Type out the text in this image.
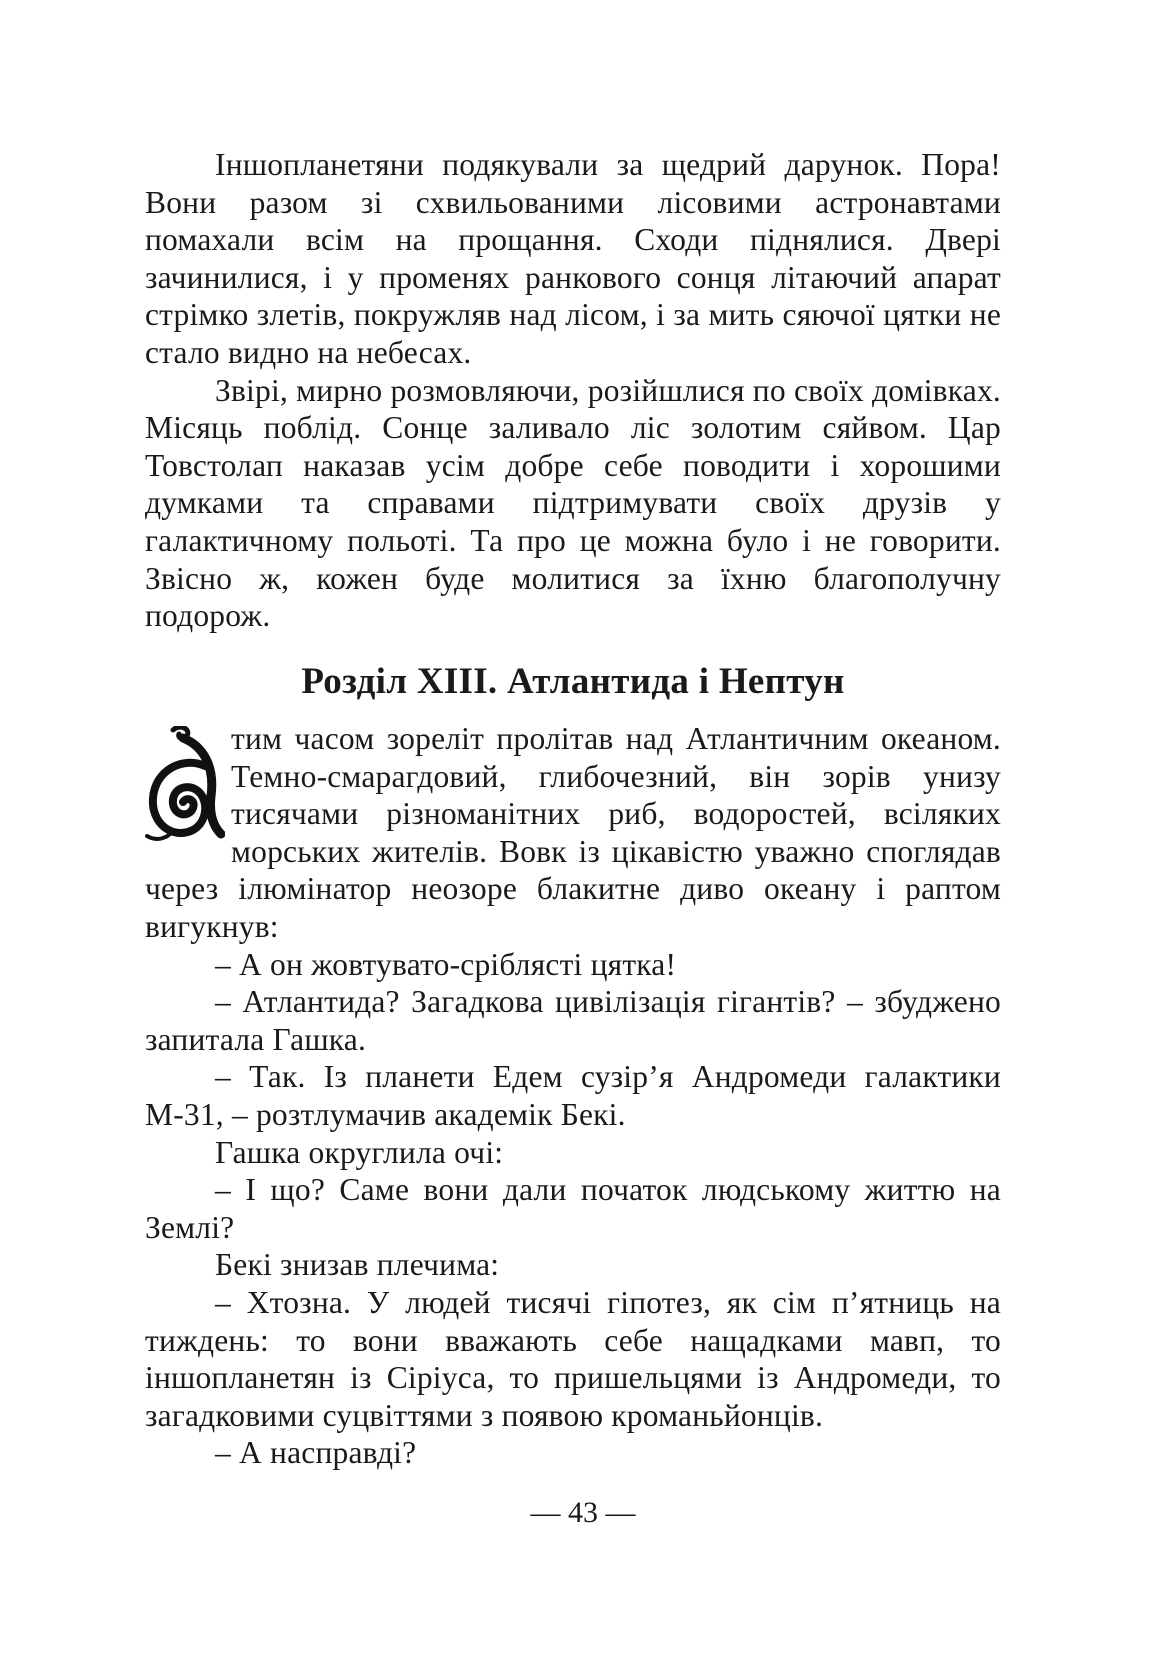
Іншопланетяни подякували за щедрий дарунок. Пора! Вони разом зі схвильованими лісовими астронавтами помахали всім на прощання. Сходи піднялися. Двері зачинилися, і у променях ранкового сонця літаючий апарат стрімко злетів, покружляв над лісом, і за мить сяючої цятки не стало видно на небесах.

Звірі, мирно розмовляючи, розійшлися по своїх домівках. Місяць поблід. Сонце заливало ліс золотим сяйвом. Цар Товстолап наказав усім добре себе поводити і хорошими думками та справами підтримувати своїх друзів у галактичному польоті. Та про це можна було і не говорити. Звісно ж, кожен буде молитися за їхню благополучну подорож.

Розділ XIII. Атлантида і Нептун

тим часом зореліт пролітав над Атлантичним океаном. Темно-смарагдовий, глибочезний, він зорів унизу тисячами різноманітних риб, водоростей, всіляких морських жителів. Вовк із цікавістю уважно споглядав через ілюмінатор неозоре блакитне диво океану і раптом вигукнув:

– А он жовтувато-сріблясті цятка!

– Атлантида? Загадкова цивілізація гігантів? – збуджено запитала Гашка.

– Так. Із планети Едем сузір’я Андромеди галактики М-31, – розтлумачив академік Бекі.

Гашка округлила очі:

– І що? Саме вони дали початок людському життю на Землі?

Бекі знизав плечима:

– Хтозна. У людей тисячі гіпотез, як сім п’ятниць на тиждень: то вони вважають себе нащадками мавп, то іншопланетян із Сіріуса, то пришельцями із Андромеди, то загадковими суцвіттями з появою кроманьйонців.

– А насправді?

— 43 —
